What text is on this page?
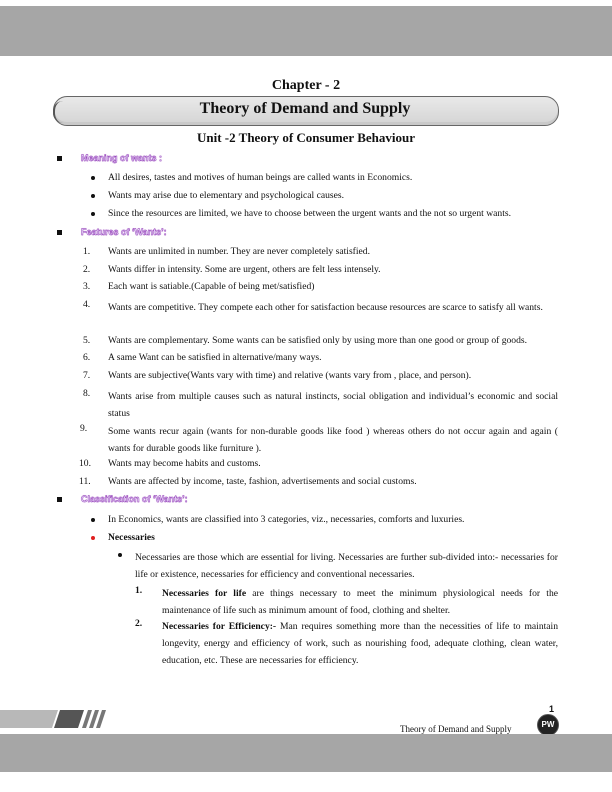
Chapter - 2
Theory of Demand and Supply
Unit -2 Theory of Consumer Behaviour
Meaning of wants :
All desires, tastes and motives of human beings are called wants in Economics.
Wants may arise due to elementary and psychological causes.
Since the resources are limited, we have to choose between the urgent wants and the not so urgent wants.
Features of ‘Wants’:
1. Wants are unlimited in number. They are never completely satisfied.
2. Wants differ in intensity. Some are urgent, others are felt less intensely.
3. Each want is satiable.(Capable of being met/satisfied)
4. Wants are competitive. They compete each other for satisfaction because resources are scarce to satisfy all wants.
5. Wants are complementary. Some wants can be satisfied only by using more than one good or group of goods.
6. A same Want can be satisfied in alternative/many ways.
7. Wants are subjective(Wants vary with time) and relative (wants vary from , place, and person).
8. Wants arise from multiple causes such as natural instincts, social obligation and individual’s economic and social status
9. Some wants recur again (wants for non-durable goods like food ) whereas others do not occur again and again ( wants for durable goods like furniture ).
10. Wants may become habits and customs.
11. Wants are affected by income, taste, fashion, advertisements and social customs.
Classification of ‘Wants’:
In Economics, wants are classified into 3 categories, viz., necessaries, comforts and luxuries.
Necessaries
Necessaries are those which are essential for living. Necessaries are further sub-divided into:- necessaries for life or existence, necessaries for efficiency and conventional necessaries.
1. Necessaries for life are things necessary to meet the minimum physiological needs for the maintenance of life such as minimum amount of food, clothing and shelter.
2. Necessaries for Efficiency:- Man requires something more than the necessities of life to maintain longevity, energy and efficiency of work, such as nourishing food, adequate clothing, clean water, education, etc. These are necessaries for efficiency.
1
Theory of Demand and Supply	PW
